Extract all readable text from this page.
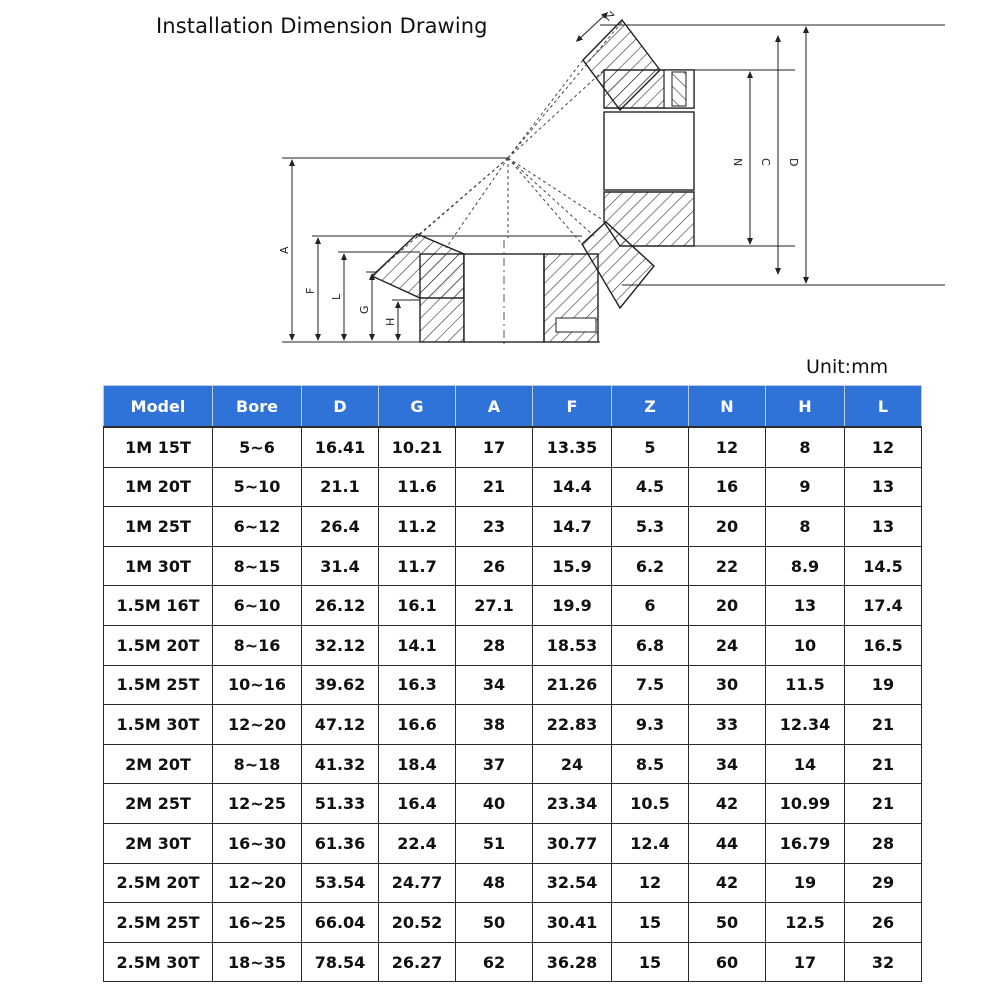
Installation Dimension Drawing	Z
N C D
A
F
L
G
H
Unit:mm
Model	Bore	D	G	A	F	Z	N	H	L
1M 15T	5~6	16.41	10.21	17	13.35	5	12	8	12
1M 20T	5~10	21.1	11.6	21	14.4	4.5	16	9	13
1M 25T	6~12	26.4	11.2	23	14.7	5.3	20	8	13
1M 30T	8~15	31.4	11.7	26	15.9	6.2	22	8.9	14.5
1.5M 16T	6~10	26.12	16.1	27.1	19.9	6	20	13	17.4
1.5M 20T	8~16	32.12	14.1	28	18.53	6.8	24	10	16.5
1.5M 25T	10~16	39.62	16.3	34	21.26	7.5	30	11.5	19
1.5M 30T	12~20	47.12	16.6	38	22.83	9.3	33	12.34	21
2M 20T	8~18	41.32	18.4	37	24	8.5	34	14	21
2M 25T	12~25	51.33	16.4	40	23.34	10.5	42	10.99	21
2M 30T	16~30	61.36	22.4	51	30.77	12.4	44	16.79	28
2.5M 20T	12~20	53.54	24.77	48	32.54	12	42	19	29
2.5M 25T	16~25	66.04	20.52	50	30.41	15	50	12.5	26
2.5M 30T	18~35	78.54	26.27	62	36.28	15	60	17	32
